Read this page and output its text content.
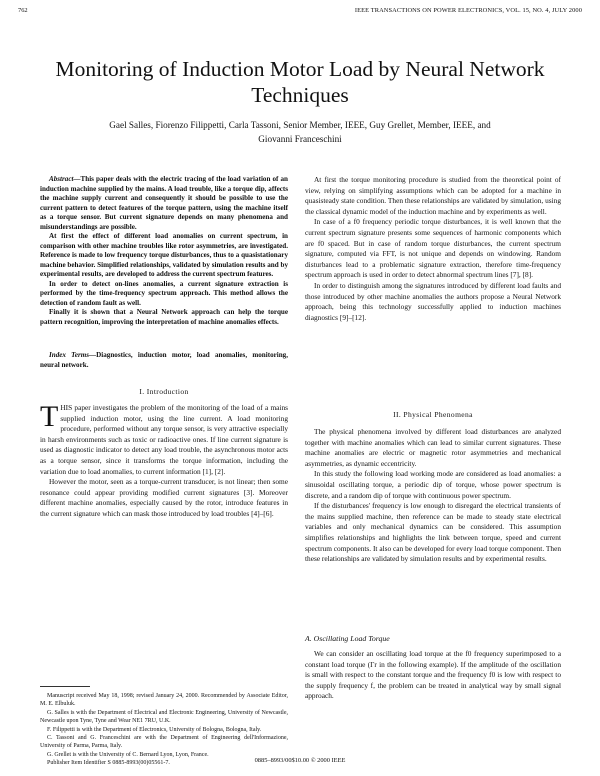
762	IEEE TRANSACTIONS ON POWER ELECTRONICS, VOL. 15, NO. 4, JULY 2000
Monitoring of Induction Motor Load by Neural Network Techniques
Gael Salles, Fiorenzo Filippetti, Carla Tassoni, Senior Member, IEEE, Guy Grellet, Member, IEEE, and
Giovanni Franceschini

Abstract—This paper deals with the electric tracing of the load variation of an induction machine supplied by the mains. A load trouble, like a torque dip, affects the machine supply current and consequently it should be possible to use the current pattern to detect features of the torque pattern, using the machine itself as a torque sensor. But current signature depends on many phenomena and misunderstandings are possible.

At first the effect of different load anomalies on current spectrum, in comparison with other machine troubles like rotor asymmetries, are investigated. Reference is made to low frequency torque disturbances, thus to a quasistationary machine behavior. Simplified relationships, validated by simulation results and by experimental results, are developed to address the current spectrum features.

In order to detect on-lines anomalies, a current signature extraction is performed by the time-frequency spectrum approach. This method allows the detection of random fault as well.

Finally it is shown that a Neural Network approach can help the torque pattern recognition, improving the interpretation of machine anomalies effects.

Index Terms—Diagnostics, induction motor, load anomalies, monitoring, neural network.

I. Introduction

THIS paper investigates the problem of the monitoring of the load of a mains supplied induction motor, using the line current. A load monitoring procedure, performed without any torque sensor, is very attractive especially in harsh environments such as toxic or radioactive ones. If line current signature is used as diagnostic indicator to detect any load trouble, the asynchronous motor acts as a torque sensor, since it transforms the torque information, including the variation due to load anomalies, to current information [1], [2].

However the motor, seen as a torque-current transducer, is not linear; then some resonance could appear providing modified current signatures [3]. Moreover different machine anomalies, especially caused by the rotor, introduce features in the current signature which can mask those introduced by load troubles [4]–[6].

Manuscript received May 18, 1998; revised January 24, 2000. Recommended by Associate Editor, M. E. Elbuluk.

G. Salles is with the Department of Electrical and Electronic Engineering, University of Newcastle, Newcastle upon Tyne, Tyne and Wear NE1 7RU, U.K.

F. Filippetti is with the Department of Electronics, University of Bologna, Bologna, Italy.

C. Tassoni and G. Franceschini are with the Department of Engineering dell'Informazione, University of Parma, Parma, Italy.

G. Grellet is with the University of C. Bernard Lyon, Lyon, France.

Publisher Item Identifier S 0885-8993(00)05561-7.

At first the torque monitoring procedure is studied from the theoretical point of view, relying on simplifying assumptions which can be adopted for a machine in quasisteady state condition. Then these relationships are validated by simulation, using the classical dynamic model of the induction machine and by experiments as well.

In case of a f0 frequency periodic torque disturbances, it is well known that the current spectrum signature presents some sequences of harmonic components which are f0 spaced. But in case of random torque disturbances, the current spectrum signature, computed via FFT, is not unique and depends on windowing. Random disturbances lead to a problematic signature extraction, therefore time-frequency spectrum approach is used in order to detect abnormal spectrum lines [7], [8].

In order to distinguish among the signatures introduced by different load faults and those introduced by other machine anomalies the authors propose a Neural Network approach, being this technology successfully applied to induction machines diagnostics [9]–[12].

II. Physical Phenomena

The physical phenomena involved by different load disturbances are analyzed together with machine anomalies which can lead to similar current signatures. These machine anomalies are electric or magnetic rotor asymmetries and mechanical asymmetries, as dynamic eccentricity.

In this study the following load working mode are considered as load anomalies: a sinusoidal oscillating torque, a periodic dip of torque, whose power spectrum is discrete, and a random dip of torque with continuous power spectrum.

If the disturbances' frequency is low enough to disregard the electrical transients of the mains supplied machine, then reference can be made to steady state electrical variables and only mechanical dynamics can be considered. This assumption simplifies relationships and highlights the link between torque, speed and current spectrum components. It also can be developed for every load torque component. Then these relationships are validated by simulation results and by experimental results.

A. Oscillating Load Torque

We can consider an oscillating load torque at the f0 frequency superimposed to a constant load torque (Γr in the following example). If the amplitude of the oscillation is small with respect to the constant torque and the frequency f0 is low with respect to the supply frequency f, the problem can be treated in analytical way by small signal approach.

0885–8993/00$10.00 © 2000 IEEE
